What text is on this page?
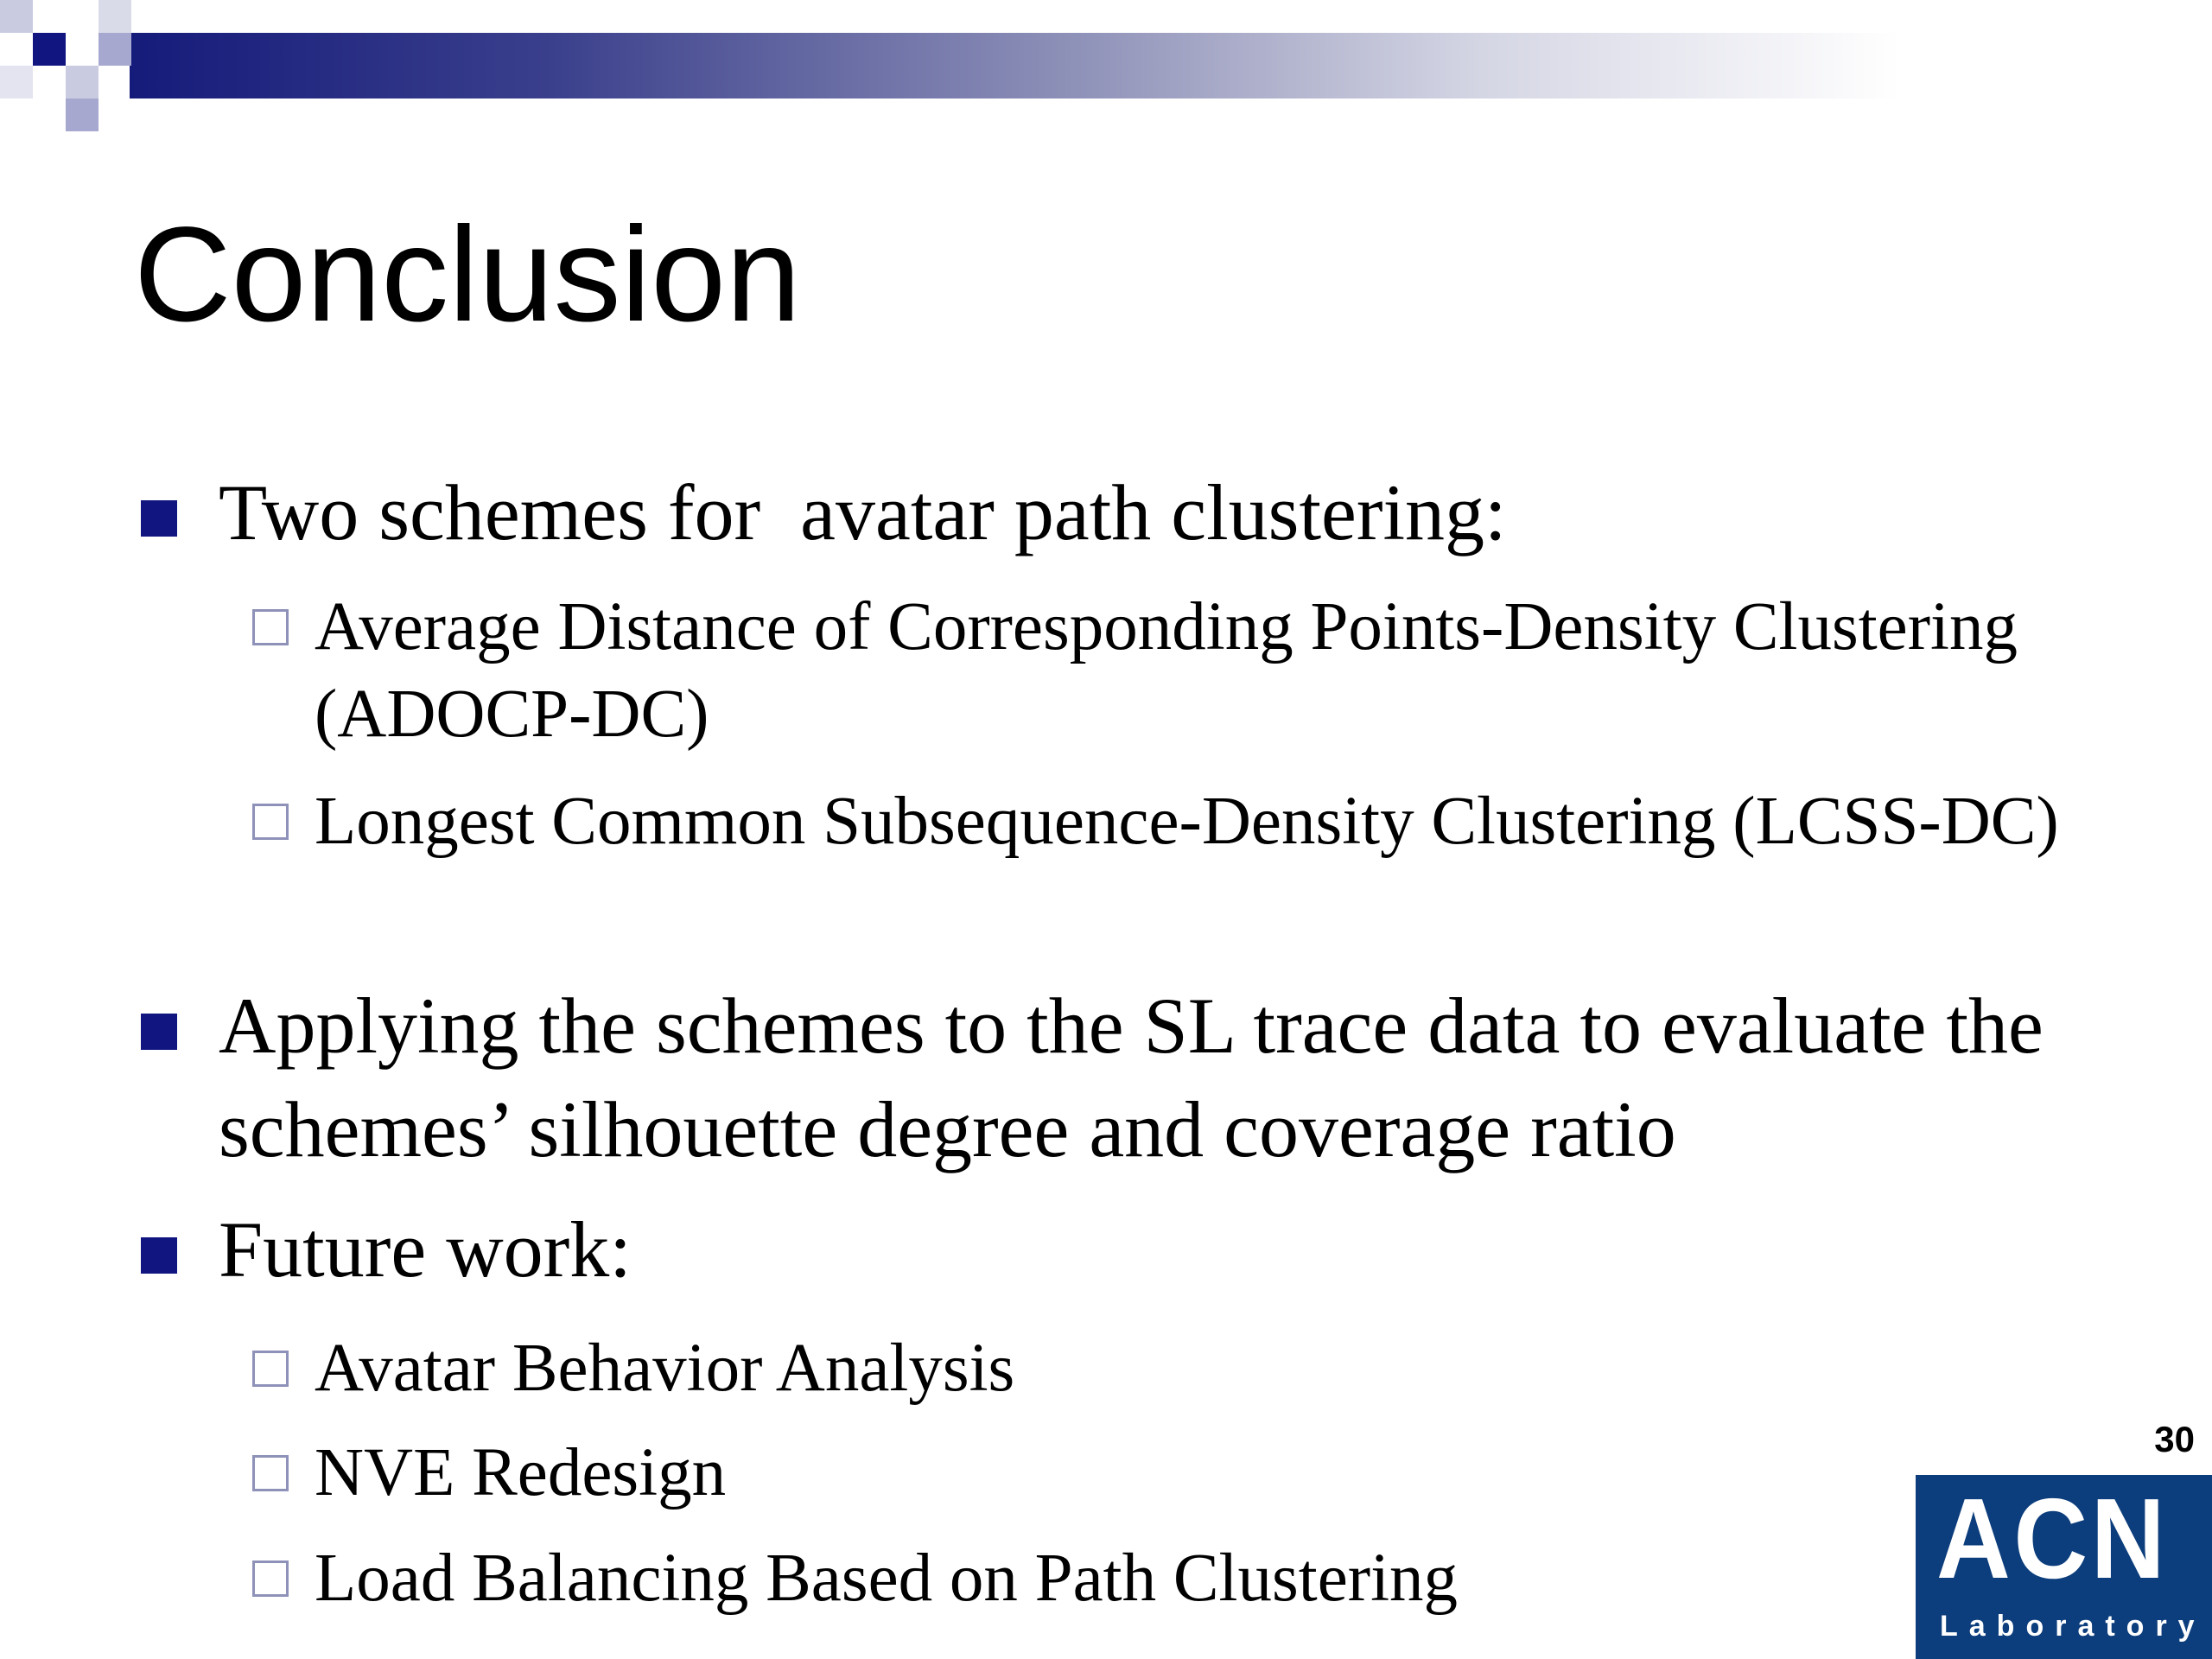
Conclusion
Two schemes for  avatar path clustering:
Average Distance of Corresponding Points-Density Clustering (ADOCP-DC)
Longest Common Subsequence-Density Clustering (LCSS-DC)
Applying the schemes to the SL trace data to evaluate the schemes’ silhouette degree and coverage ratio
Future work:
Avatar Behavior Analysis
NVE Redesign
Load Balancing Based on Path Clustering
30
ACN
Laboratory
